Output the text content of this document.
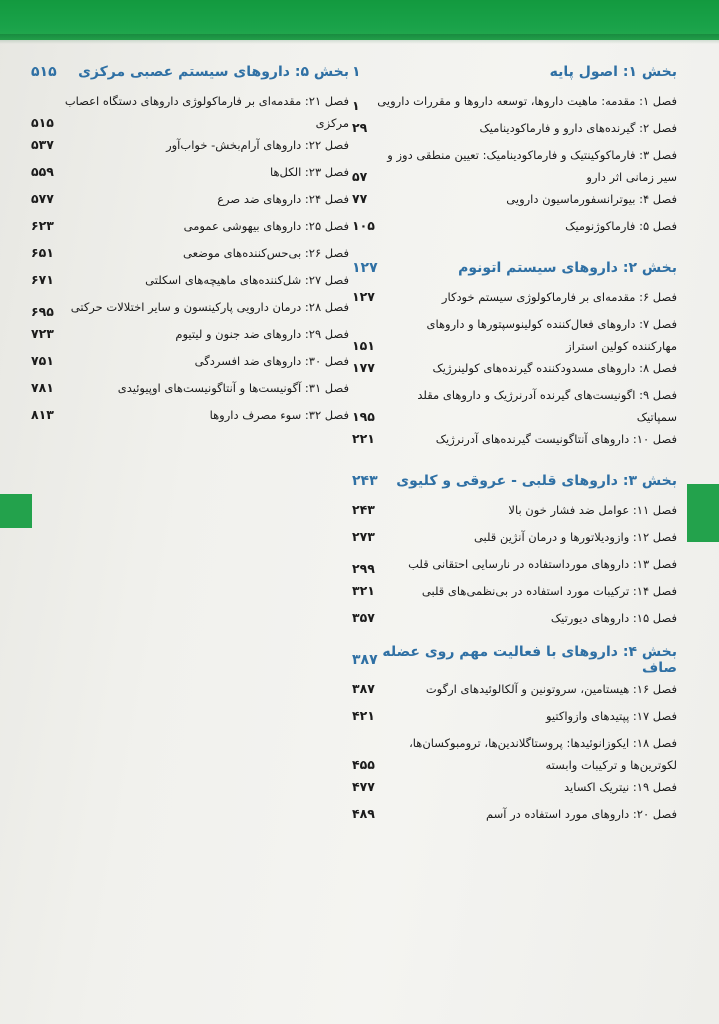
بخش ۱: اصول پایه
۱
فصل ۱: مقدمه: ماهیت داروها، توسعه داروها و مقررات دارویی
۱
فصل ۲: گیرنده‌های دارو و فارماکودینامیک
۲۹
فصل ۳: فارماکوکینتیک و فارماکودینامیک: تعیین منطقی دوز و سیر زمانی اثر دارو
۵۷
فصل ۴: بیوترانسفورماسیون دارویی
۷۷
فصل ۵: فارماکوژنومیک
۱۰۵
بخش ۲: داروهای سیستم اتونوم
۱۲۷
فصل ۶: مقدمه‌ای بر فارماکولوژی سیستم خودکار
۱۲۷
فصل ۷: داروهای فعال‌کننده کولینوسپتورها و داروهای مهارکننده کولین استراز
۱۵۱
فصل ۸: داروهای مسدودکننده گیرنده‌های کولینرژیک
۱۷۷
فصل ۹: اگونیست‌های گیرنده آدرنرژیک و داروهای مقلد سمپاتیک
۱۹۵
فصل ۱۰: داروهای آنتاگونیست گیرنده‌های آدرنرژیک
۲۲۱
بخش ۳: داروهای قلبی - عروقی و کلیوی
۲۴۳
فصل ۱۱: عوامل ضد فشار خون بالا
۲۴۳
فصل ۱۲: وازودیلاتورها و درمان آنژین قلبی
۲۷۳
فصل ۱۳: داروهای مورداستفاده در نارسایی احتقانی قلب
۲۹۹
فصل ۱۴: ترکیبات مورد استفاده در بی‌نظمی‌های قلبی
۳۲۱
فصل ۱۵: داروهای دیورتیک
۳۵۷
بخش ۴: داروهای با فعالیت مهم روی عضله صاف
۳۸۷
فصل ۱۶: هیستامین، سروتونین و آلکالوئیدهای ارگوت
۳۸۷
فصل ۱۷: پپتیدهای وازواکتیو
۴۲۱
فصل ۱۸: ایکوزانوئیدها: پروستاگلاندین‌ها، ترومبوکسان‌ها، لکوترین‌ها و ترکیبات وابسته
۴۵۵
فصل ۱۹: نیتریک اکساید
۴۷۷
فصل ۲۰: داروهای مورد استفاده در آسم
۴۸۹
بخش ۵: داروهای سیستم عصبی مرکزی
۵۱۵
فصل ۲۱: مقدمه‌ای بر فارماکولوژی داروهای دستگاه اعصاب مرکزی
۵۱۵
فصل ۲۲: داروهای آرام‌بخش- خواب‌آور
۵۳۷
فصل ۲۳: الکل‌ها
۵۵۹
فصل ۲۴: داروهای ضد صرع
۵۷۷
فصل ۲۵: داروهای بیهوشی عمومی
۶۲۳
فصل ۲۶: بی‌حس‌کننده‌های موضعی
۶۵۱
فصل ۲۷: شل‌کننده‌های ماهیچه‌های اسکلتی
۶۷۱
فصل ۲۸: درمان دارویی پارکینسون و سایر اختلالات حرکتی
۶۹۵
فصل ۲۹: داروهای ضد جنون و لیتیوم
۷۲۳
فصل ۳۰: داروهای ضد افسردگی
۷۵۱
فصل ۳۱: آگونیست‌ها و آنتاگونیست‌های اوپیوئیدی
۷۸۱
فصل ۳۲: سوء مصرف داروها
۸۱۳
